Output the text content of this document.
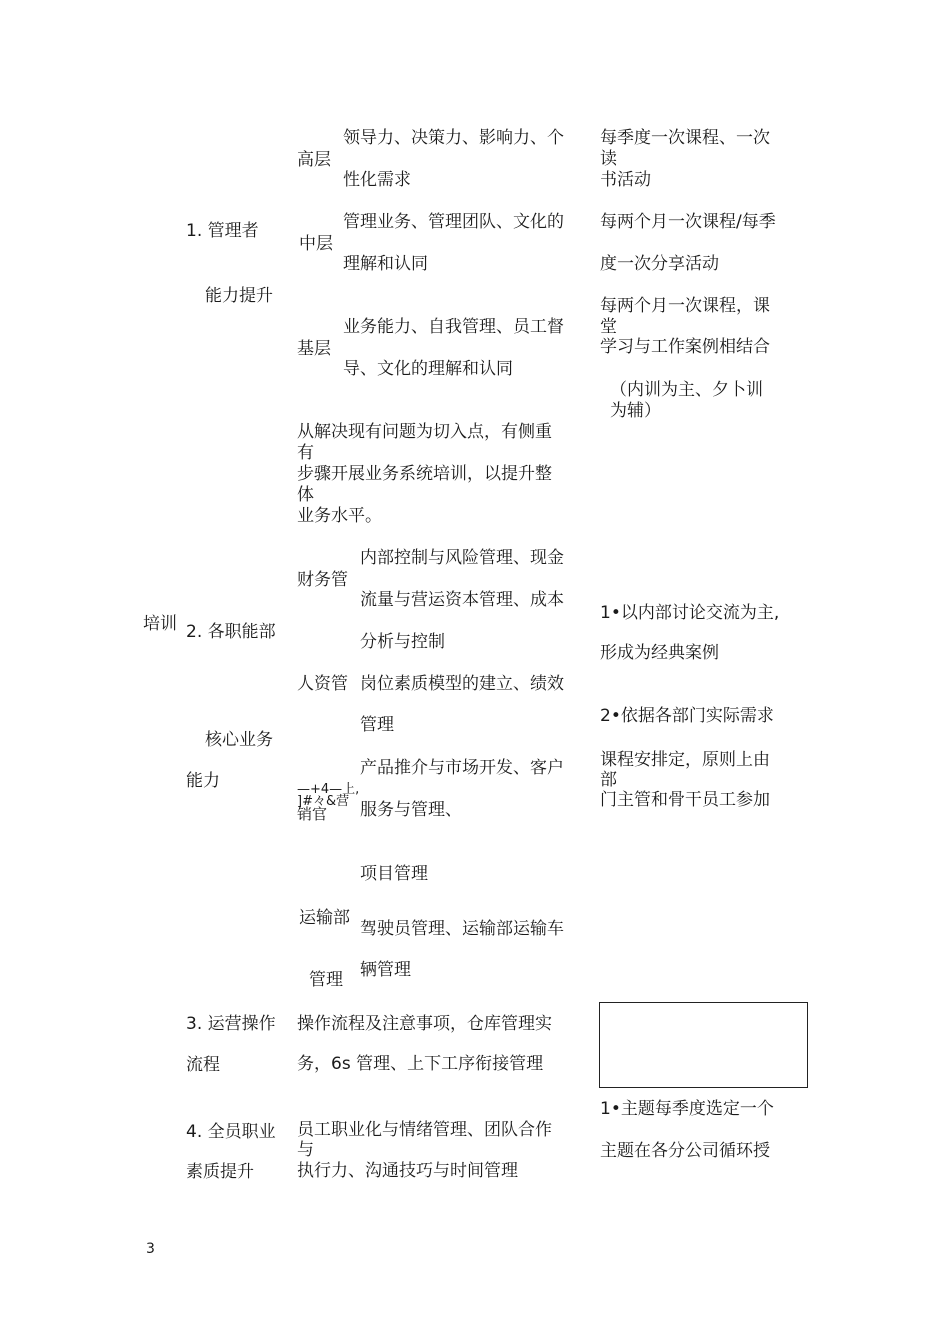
培训
1. 管理者
能力提升
高层
领导力、决策力、影响力、个
性化需求
每季度一次课程、一次
读
书活动
中层
管理业务、管理团队、文化的
理解和认同
每两个月一次课程/每季
度一次分享活动
基层
业务能力、自我管理、员工督
导、文化的理解和认同
每两个月一次课程，课
堂
学习与工作案例相结合
（内训为主、夕卜训
为辅）
从解决现有问题为切入点，有侧重
有
步骤开展业务系统培训，以提升整
体
业务水平。
2. 各职能部
核心业务
能力
财务管
内部控制与风险管理、现金
流量与营运资本管理、成本
分析与控制
人资管 岗位素质模型的建立、绩效
管理
—+4—上,
]#々&营
销官
产品推介与市场开发、客户
服务与管理、
项目管理
运输部
管理
驾驶员管理、运输部运输车
辆管理
1•以内部讨论交流为主,
形成为经典案例
2•依据各部门实际需求
课程安排定，原则上由
部
门主管和骨干员工参加
3. 运营操作
流程
操作流程及注意事项，仓库管理实
务，6s 管理、上下工序衔接管理
4. 全员职业
素质提升
员工职业化与情绪管理、团队合作
与
执行力、沟通技巧与时间管理
1•主题每季度选定一个
主题在各分公司循环授
3
